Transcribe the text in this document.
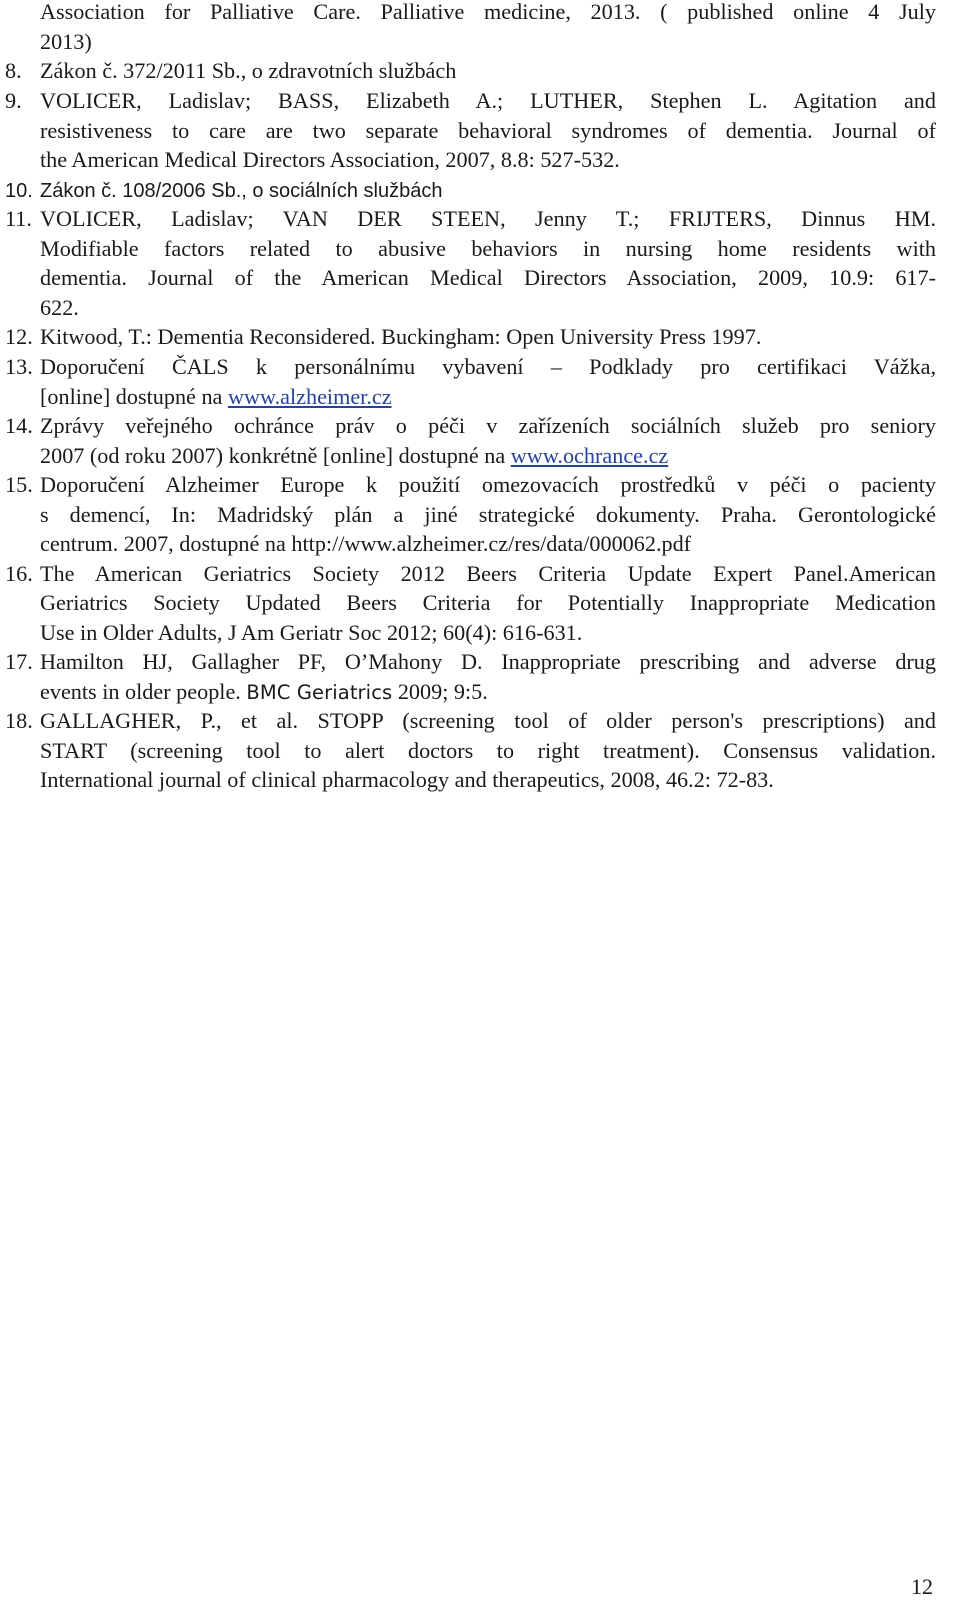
Association for Palliative Care. Palliative medicine, 2013. ( published online 4 July
2013)
8. Zákon č. 372/2011 Sb., o zdravotních službách
9. VOLICER, Ladislav; BASS, Elizabeth A.; LUTHER, Stephen L. Agitation and
resistiveness to care are two separate behavioral syndromes of dementia. Journal of
the American Medical Directors Association, 2007, 8.8: 527-532.
10. Zákon č. 108/2006 Sb., o sociálních službách
11. VOLICER, Ladislav; VAN DER STEEN, Jenny T.; FRIJTERS, Dinnus HM.
Modifiable factors related to abusive behaviors in nursing home residents with
dementia. Journal of the American Medical Directors Association, 2009, 10.9: 617-
622.
12. Kitwood, T.: Dementia Reconsidered. Buckingham: Open University Press 1997.
13. Doporučení ČALS k personálnímu vybavení – Podklady pro certifikaci Vážka,
[online] dostupné na www.alzheimer.cz
14. Zprávy veřejného ochránce práv o péči v zařízeních sociálních služeb pro seniory
2007 (od roku 2007) konkrétně [online] dostupné na www.ochrance.cz
15. Doporučení Alzheimer Europe k použití omezovacích prostředků v péči o pacienty
s demencí, In: Madridský plán a jiné strategické dokumenty. Praha. Gerontologické
centrum. 2007, dostupné na http://www.alzheimer.cz/res/data/000062.pdf
16. The American Geriatrics Society 2012 Beers Criteria Update Expert Panel.American
Geriatrics Society Updated Beers Criteria for Potentially Inappropriate Medication
Use in Older Adults, J Am Geriatr Soc 2012; 60(4): 616-631.
17. Hamilton HJ, Gallagher PF, O’Mahony D. Inappropriate prescribing and adverse drug
events in older people. BMC Geriatrics 2009; 9:5.
18. GALLAGHER, P., et al. STOPP (screening tool of older person's prescriptions) and
START (screening tool to alert doctors to right treatment). Consensus validation.
International journal of clinical pharmacology and therapeutics, 2008, 46.2: 72-83.
12
